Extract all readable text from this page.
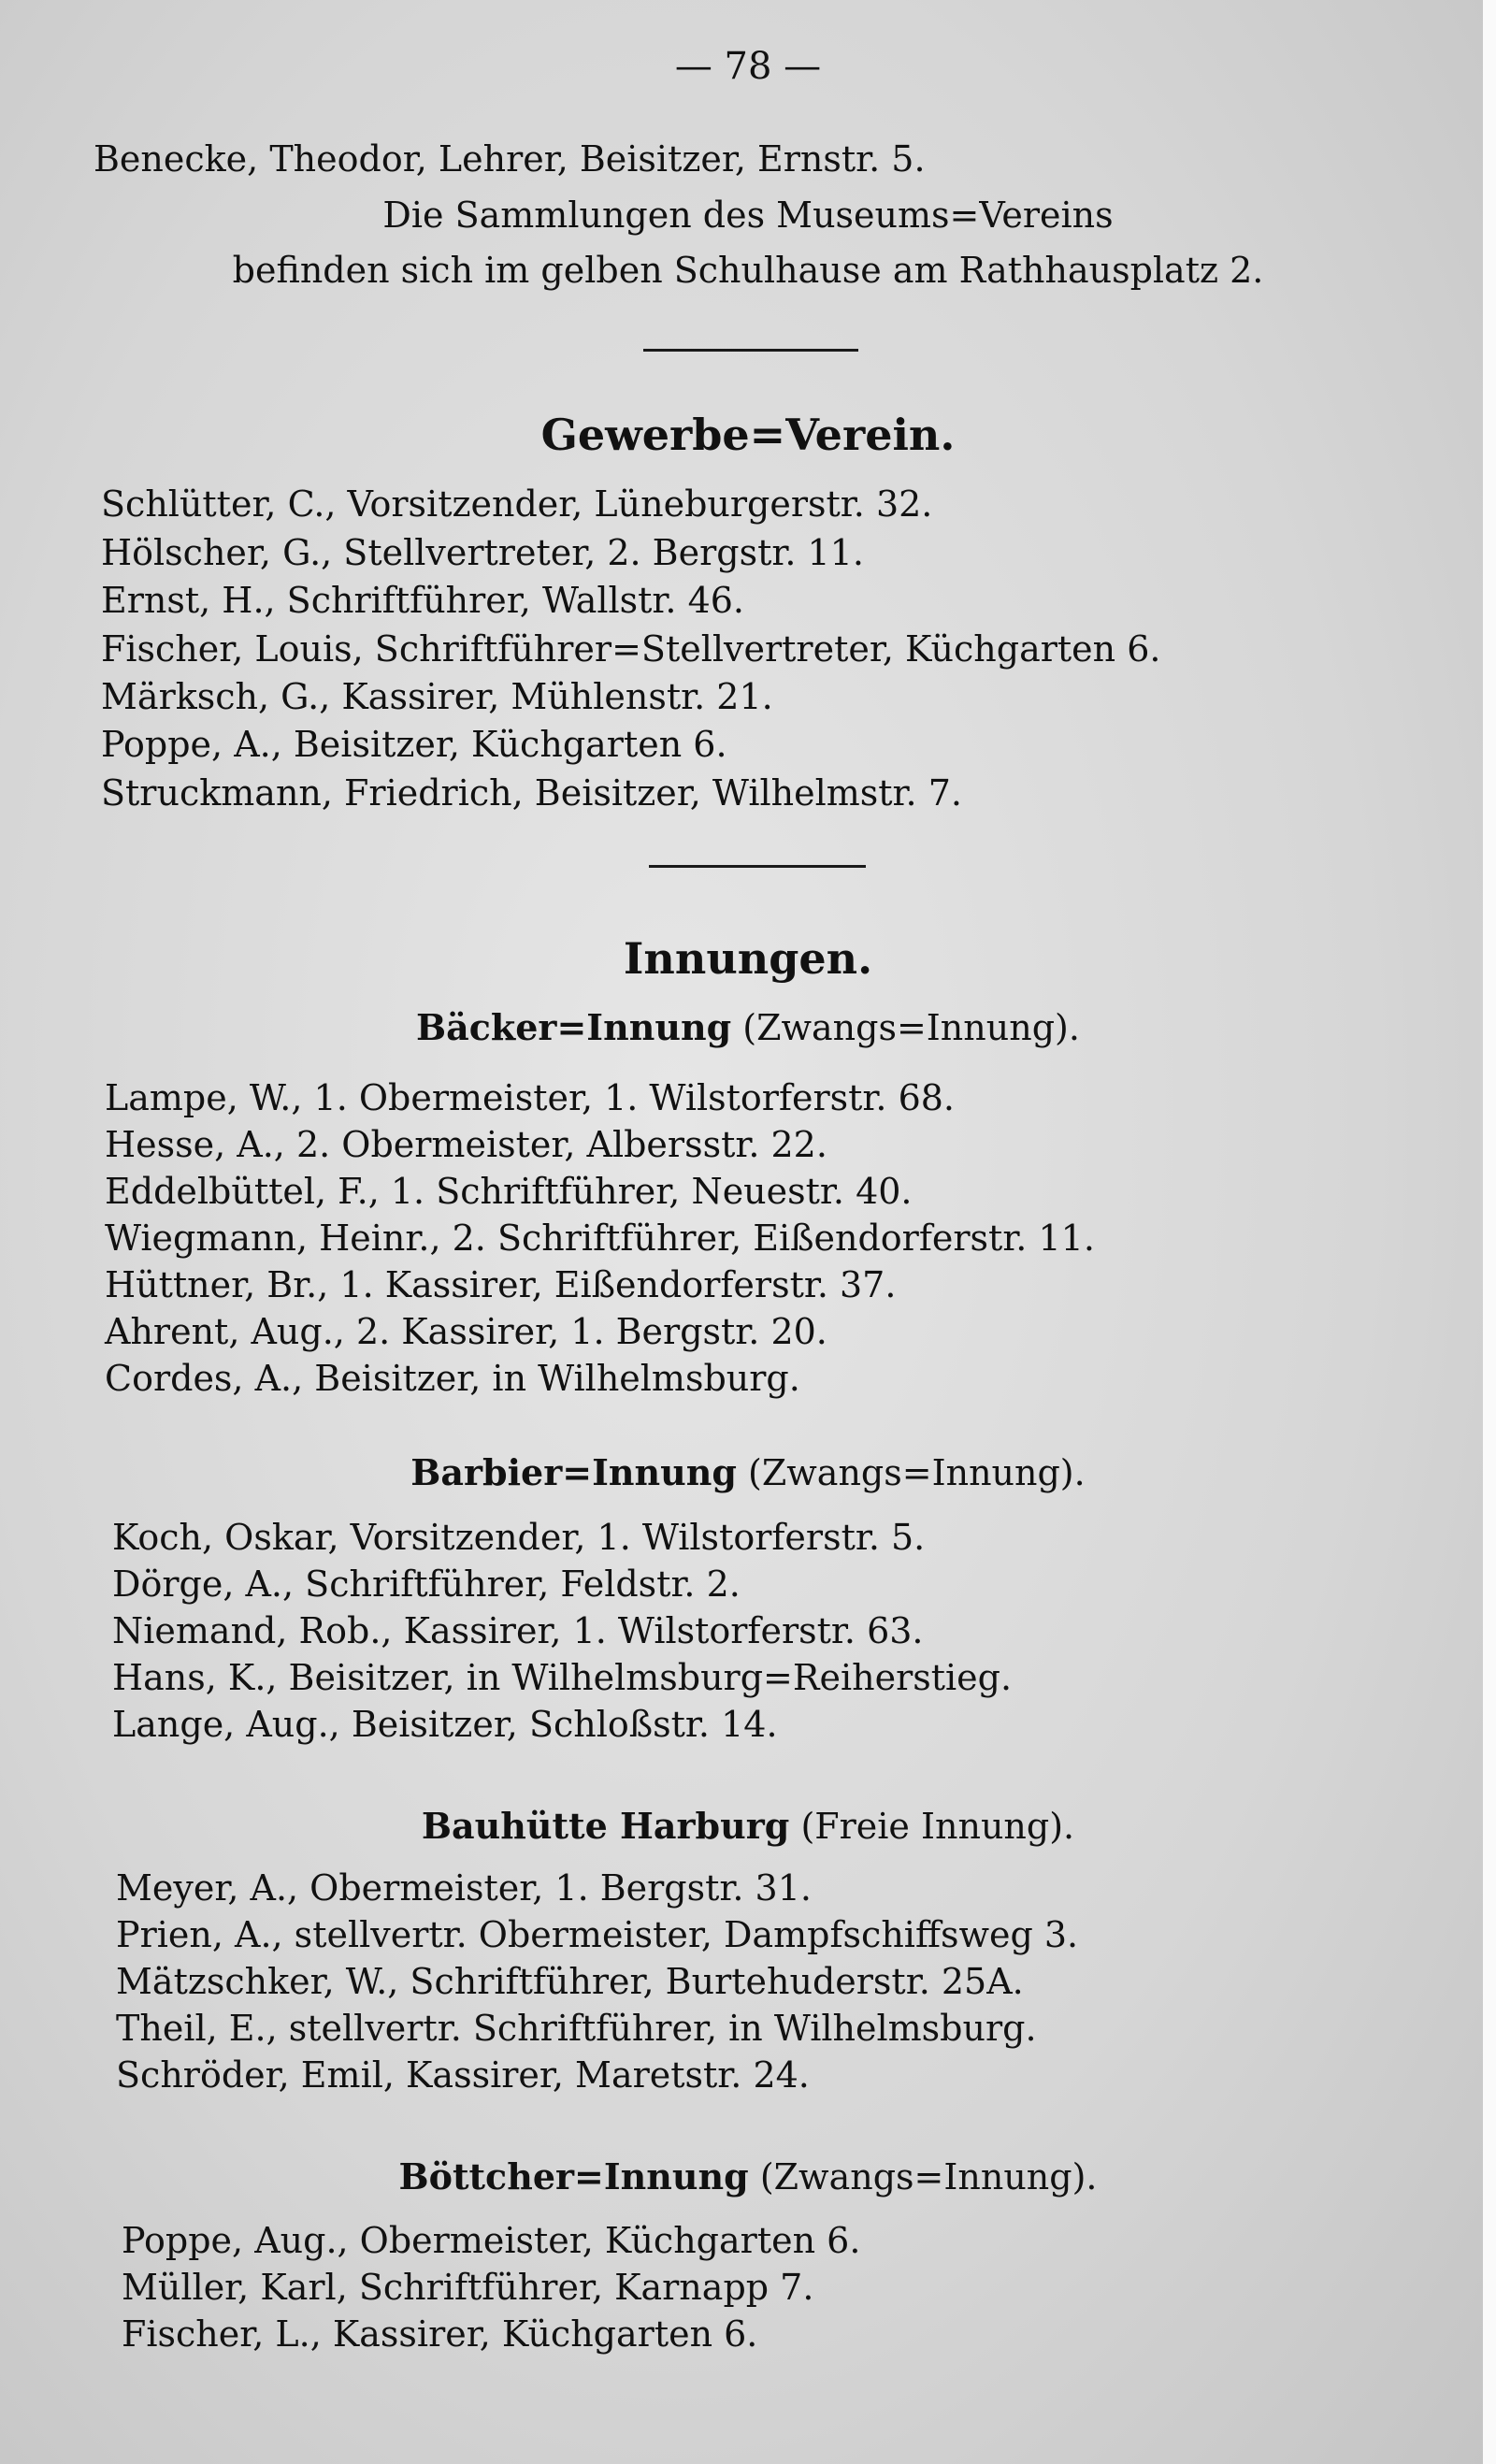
— 78 —
Benecke, Theodor, Lehrer, Beisitzer, Ernstr. 5.
Die Sammlungen des Museums=Vereins
befinden sich im gelben Schulhause am Rathhausplatz 2.
Gewerbe=Verein.
Schlütter, C., Vorsitzender, Lüneburgerstr. 32.
Hölscher, G., Stellvertreter, 2. Bergstr. 11.
Ernst, H., Schriftführer, Wallstr. 46.
Fischer, Louis, Schriftführer=Stellvertreter, Küchgarten 6.
Märksch, G., Kassirer, Mühlenstr. 21.
Poppe, A., Beisitzer, Küchgarten 6.
Struckmann, Friedrich, Beisitzer, Wilhelmstr. 7.
Innungen.
Bäcker=Innung (Zwangs=Innung).
Lampe, W., 1. Obermeister, 1. Wilstorferstr. 68.
Hesse, A., 2. Obermeister, Albersstr. 22.
Eddelbüttel, F., 1. Schriftführer, Neuestr. 40.
Wiegmann, Heinr., 2. Schriftführer, Eißendorferstr. 11.
Hüttner, Br., 1. Kassirer, Eißendorferstr. 37.
Ahrent, Aug., 2. Kassirer, 1. Bergstr. 20.
Cordes, A., Beisitzer, in Wilhelmsburg.
Barbier=Innung (Zwangs=Innung).
Koch, Oskar, Vorsitzender, 1. Wilstorferstr. 5.
Dörge, A., Schriftführer, Feldstr. 2.
Niemand, Rob., Kassirer, 1. Wilstorferstr. 63.
Hans, K., Beisitzer, in Wilhelmsburg=Reiherstieg.
Lange, Aug., Beisitzer, Schloßstr. 14.
Bauhütte Harburg (Freie Innung).
Meyer, A., Obermeister, 1. Bergstr. 31.
Prien, A., stellvertr. Obermeister, Dampfschiffsweg 3.
Mätzschker, W., Schriftführer, Burtehuderstr. 25A.
Theil, E., stellvertr. Schriftführer, in Wilhelmsburg.
Schröder, Emil, Kassirer, Maretstr. 24.
Böttcher=Innung (Zwangs=Innung).
Poppe, Aug., Obermeister, Küchgarten 6.
Müller, Karl, Schriftführer, Karnapp 7.
Fischer, L., Kassirer, Küchgarten 6.
